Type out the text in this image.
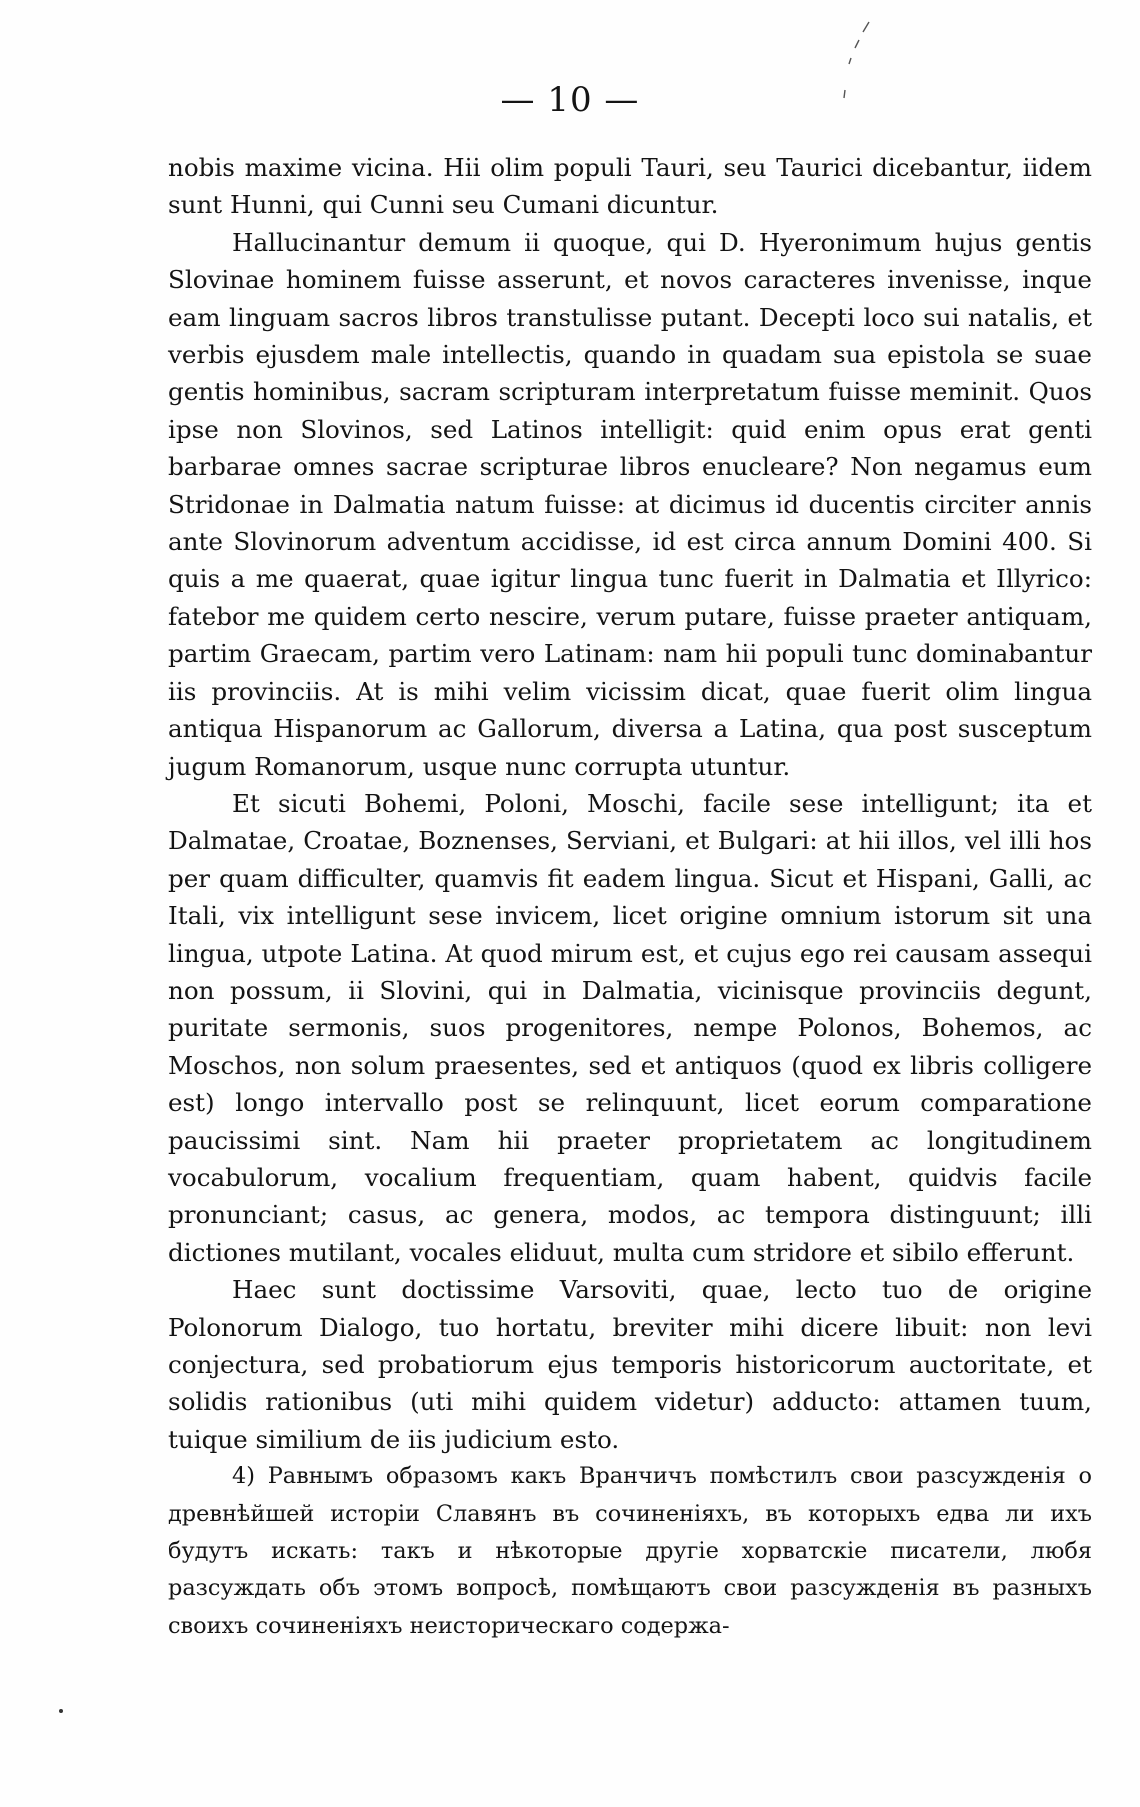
— 10 —

nobis maxime vicina. Hii olim populi Tauri, seu Taurici dicebantur, iidem sunt Hunni, qui Cunni seu Cumani dicuntur.

Hallucinantur demum ii quoque, qui D. Hyeronimum hujus gentis Slovinae hominem fuisse asserunt, et novos caracteres invenisse, inque eam linguam sacros libros transtulisse putant. Decepti loco sui natalis, et verbis ejusdem male intellectis, quando in quadam sua epistola se suae gentis hominibus, sacram scripturam interpretatum fuisse meminit. Quos ipse non Slovinos, sed Latinos intelligit: quid enim opus erat genti barbarae omnes sacrae scripturae libros enucleare? Non negamus eum Stridonae in Dalmatia natum fuisse: at dicimus id ducentis circiter annis ante Slovinorum adventum accidisse, id est circa annum Domini 400. Si quis a me quaerat, quae igitur lingua tunc fuerit in Dalmatia et Illyrico: fatebor me quidem certo nescire, verum putare, fuisse praeter antiquam, partim Graecam, partim vero Latinam: nam hii populi tunc dominabantur iis provinciis. At is mihi velim vicissim dicat, quae fuerit olim lingua antiqua Hispanorum ac Gallorum, diversa a Latina, qua post susceptum jugum Romanorum, usque nunc corrupta utuntur.

Et sicuti Bohemi, Poloni, Moschi, facile sese intelligunt; ita et Dalmatae, Croatae, Boznenses, Serviani, et Bulgari: at hii illos, vel illi hos per quam difficulter, quamvis fit eadem lingua. Sicut et Hispani, Galli, ac Itali, vix intelligunt sese invicem, licet origine omnium istorum sit una lingua, utpote Latina. At quod mirum est, et cujus ego rei causam assequi non possum, ii Slovini, qui in Dalmatia, vicinisque provinciis degunt, puritate sermonis, suos progenitores, nempe Polonos, Bohemos, ac Moschos, non solum praesentes, sed et antiquos (quod ex libris colligere est) longo intervallo post se relinquunt, licet eorum comparatione paucissimi sint. Nam hii praeter proprietatem ac longitudinem vocabulorum, vocalium frequentiam, quam habent, quidvis facile pronunciant; casus, ac genera, modos, ac tempora distinguunt; illi dictiones mutilant, vocales eliduut, multa cum stridore et sibilo efferunt.

Haec sunt doctissime Varsoviti, quae, lecto tuo de origine Polonorum Dialogo, tuo hortatu, breviter mihi dicere libuit: non levi conjectura, sed probatiorum ejus temporis historicorum auctoritate, et solidis rationibus (uti mihi quidem videtur) adducto: attamen tuum, tuique similium de iis judicium esto.

4) Равнымъ образомъ какъ Вранчичъ помѣстилъ свои разсужденія о древнѣйшей исторіи Славянъ въ сочиненіяхъ, въ которыхъ едва ли ихъ будутъ искать: такъ и нѣкоторые другіе хорватскіе писатели, любя разсуждать объ этомъ вопросѣ, помѣщаютъ свои разсужденія въ разныхъ своихъ сочиненіяхъ неисторическаго содержа-
